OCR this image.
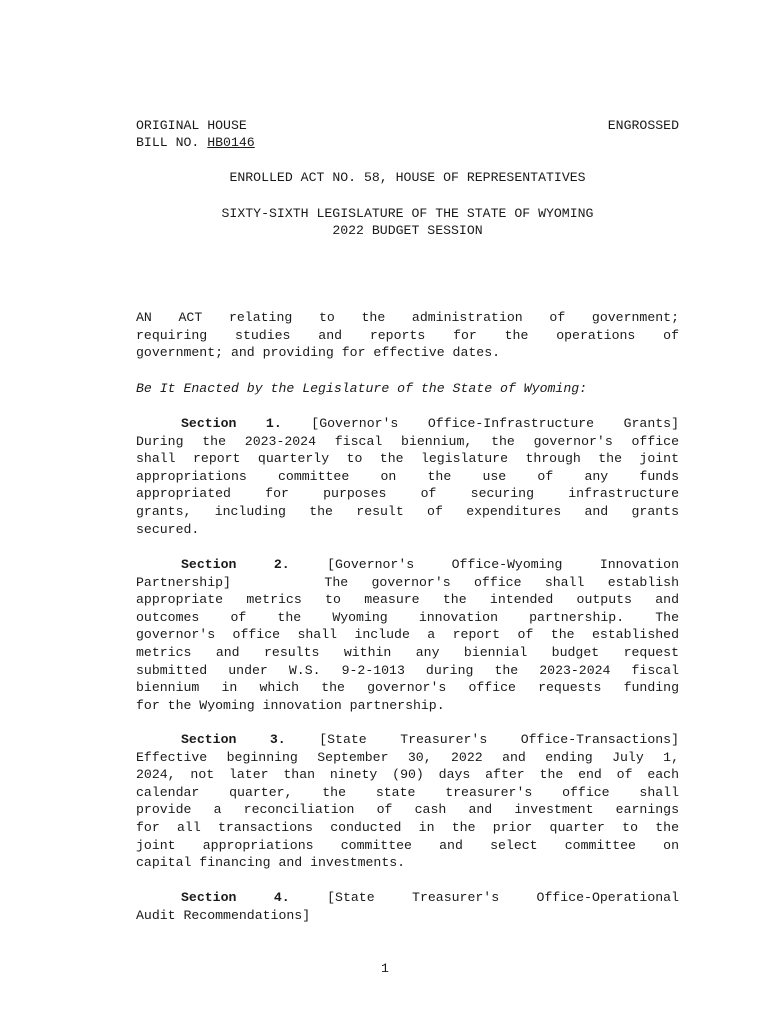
ORIGINAL HOUSE	ENGROSSED
BILL NO. HB0146
ENROLLED ACT NO. 58, HOUSE OF REPRESENTATIVES
SIXTY-SIXTH LEGISLATURE OF THE STATE OF WYOMING
2022 BUDGET SESSION
AN ACT relating to the administration of government;
requiring studies and reports for the operations of
government; and providing for effective dates.
Be It Enacted by the Legislature of the State of Wyoming:
Section 1. [Governor's Office-Infrastructure Grants]
During the 2023-2024 fiscal biennium, the governor's office
shall report quarterly to the legislature through the joint
appropriations committee on the use of any funds
appropriated for purposes of securing infrastructure
grants, including the result of expenditures and grants
secured.
Section 2.	[Governor's Office-Wyoming Innovation
Partnership]    The governor's office shall establish
appropriate metrics to measure the intended outputs and
outcomes of the Wyoming innovation partnership. The
governor's office shall include a report of the established
metrics and results within any biennial budget request
submitted under W.S. 9-2-1013 during the 2023-2024 fiscal
biennium in which the governor's office requests funding
for the Wyoming innovation partnership.
Section 3.	[State Treasurer's Office-Transactions]
Effective beginning September 30, 2022 and ending July 1,
2024, not later than ninety (90) days after the end of each
calendar quarter, the state treasurer's office shall
provide a reconciliation of cash and investment earnings
for all transactions conducted in the prior quarter to the
joint appropriations committee and select committee on
capital financing and investments.
Section 4.	[State Treasurer's Office-Operational
Audit Recommendations]
1
